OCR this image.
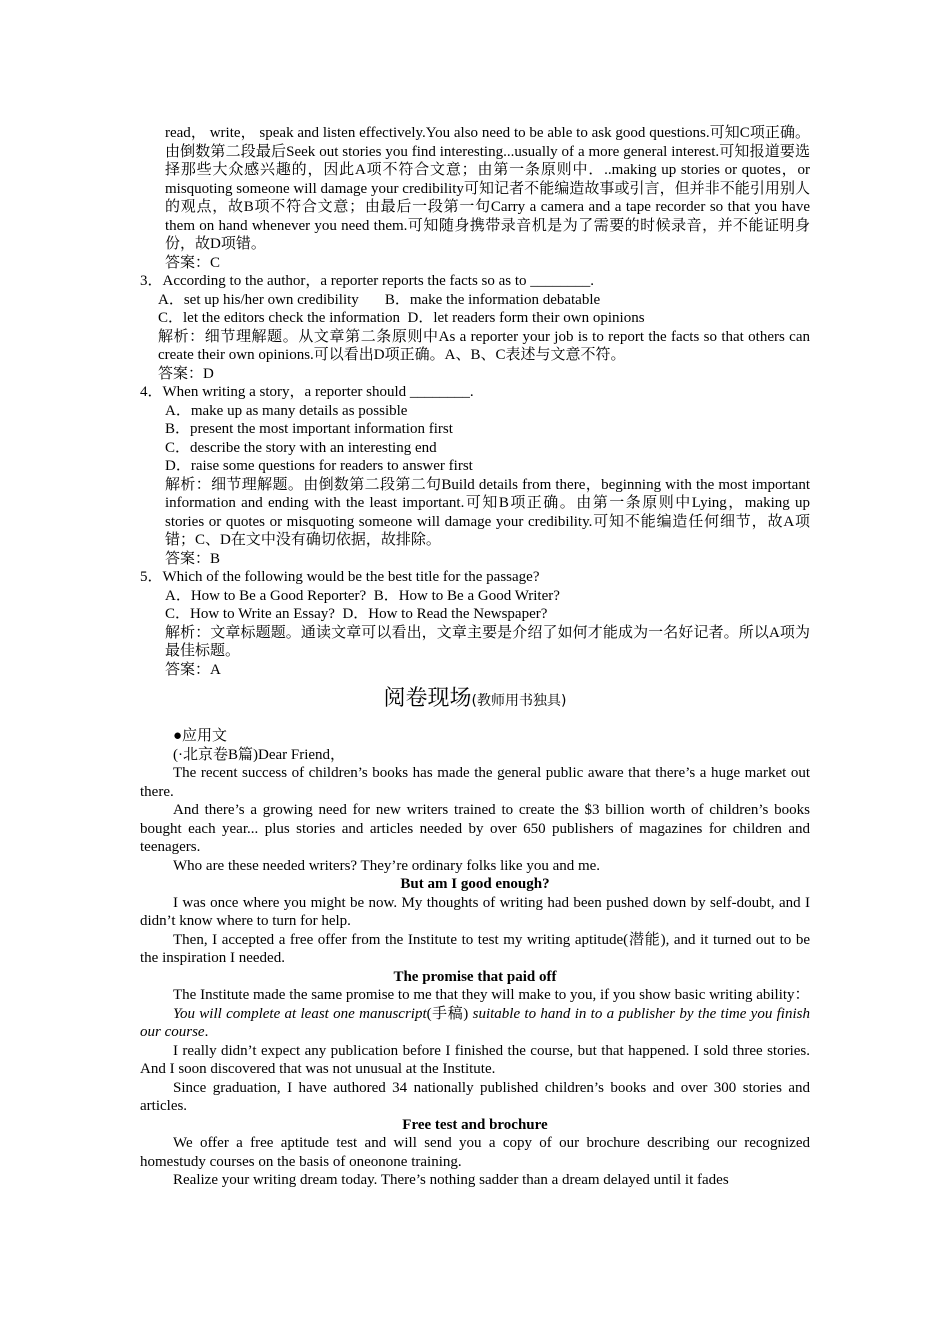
read， write， speak and listen effectively.You also need to be able to ask good questions.可知C项正确。由倒数第二段最后Seek out stories you find interesting...usually of a more general interest.可知报道要选择那些大众感兴趣的，因此A项不符合文意；由第一条原则中．..making up stories or quotes，or misquoting someone will damage your credibility可知记者不能编造故事或引言，但并非不能引用别人的观点，故B项不符合文意；由最后一段第一句Carry a camera and a tape recorder so that you have them on hand whenever you need them.可知随身携带录音机是为了需要的时候录音，并不能证明身份，故D项错。

答案：C

3．According to the author，a reporter reports the facts so as to ________.

A．set up his/her own credibility B．make the information debatable

C．let the editors check the information D．let readers form their own opinions

解析：细节理解题。从文章第二条原则中As a reporter your job is to report the facts so that others can create their own opinions.可以看出D项正确。A、B、C表述与文意不符。

答案：D

4．When writing a story，a reporter should ________.

A．make up as many details as possible

B．present the most important information first

C．describe the story with an interesting end

D．raise some questions for readers to answer first

解析：细节理解题。由倒数第二段第二句Build details from there，beginning with the most important information and ending with the least important.可知B项正确。由第一条原则中Lying，making up stories or quotes or misquoting someone will damage your credibility.可知不能编造任何细节，故A项错；C、D在文中没有确切依据，故排除。

答案：B

5．Which of the following would be the best title for the passage?

A．How to Be a Good Reporter? B．How to Be a Good Writer?

C．How to Write an Essay? D．How to Read the Newspaper?

解析：文章标题题。通读文章可以看出，文章主要是介绍了如何才能成为一名好记者。所以A项为最佳标题。

答案：A

阅卷现场(教师用书独具)

●应用文

(·北京卷B篇)Dear Friend，

The recent success of children’s books has made the general public aware that there’s a huge market out there.

And there’s a growing need for new writers trained to create the $3 billion worth of children’s books bought each year... plus stories and articles needed by over 650 publishers of magazines for children and teenagers.

Who are these needed writers? They’re ordinary folks like you and me.

But am I good enough?

I was once where you might be now. My thoughts of writing had been pushed down by self-doubt, and I didn’t know where to turn for help.

Then, I accepted a free offer from the Institute to test my writing aptitude(潜能), and it turned out to be the inspiration I needed.

The promise that paid off

The Institute made the same promise to me that they will make to you, if you show basic writing ability：

You will complete at least one manuscript(手稿) suitable to hand in to a publisher by the time you finish our course.

I really didn’t expect any publication before I finished the course, but that happened. I sold three stories. And I soon discovered that was not unusual at the Institute.

Since graduation, I have authored 34 nationally published children’s books and over 300 stories and articles.

Free test and brochure

We offer a free aptitude test and will send you a copy of our brochure describing our recognized homestudy courses on the basis of oneonone training.

Realize your writing dream today. There’s nothing sadder than a dream delayed until it fades
